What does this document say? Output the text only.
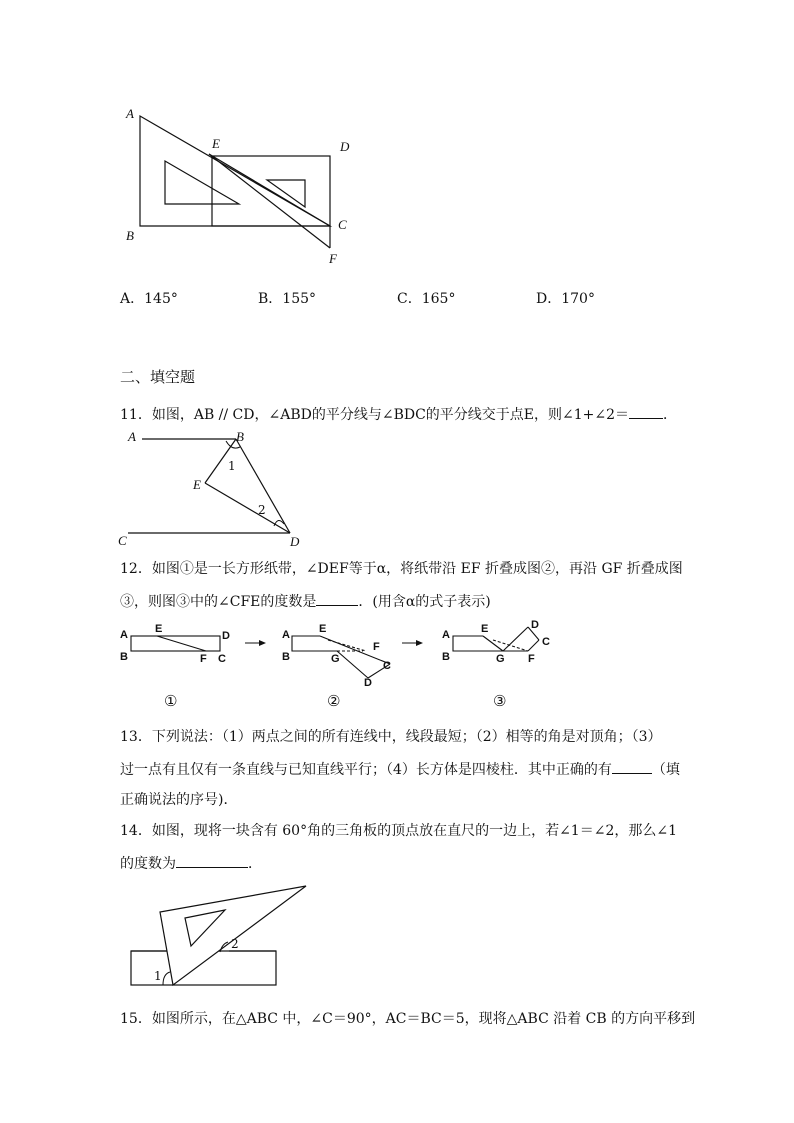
A
B
E	D
C
F
A．145°	B．155°	C．165°	D．170°
二、填空题
11．如图，AB // CD，∠ABD的平分线与∠BDC的平分线交于点E，则∠1+∠2＝ ．
A	B
E
C	D
1
2
12．如图①是一长方形纸带，∠DEF等于α，将纸带沿 EF 折叠成图②，再沿 GF 折叠成图
③，则图③中的∠CFE的度数是	．(用含α的式子表示)
A E
D
B	F C
A	E
B	G
F
C
D
A	E	D
C
B	G F
①	②	③
13．下列说法：（1）两点之间的所有连线中，线段最短；（2）相等的角是对顶角；（3）
过一点有且仅有一条直线与已知直线平行；（4）长方体是四棱柱．其中正确的有	（填
正确说法的序号)．
14．如图，现将一块含有 60°角的三角板的顶点放在直尺的一边上，若∠1＝∠2，那么∠1
的度数为	．
1
2
15．如图所示，在△ABC 中，∠C＝90°，AC＝BC＝5，现将△ABC 沿着 CB 的方向平移到
